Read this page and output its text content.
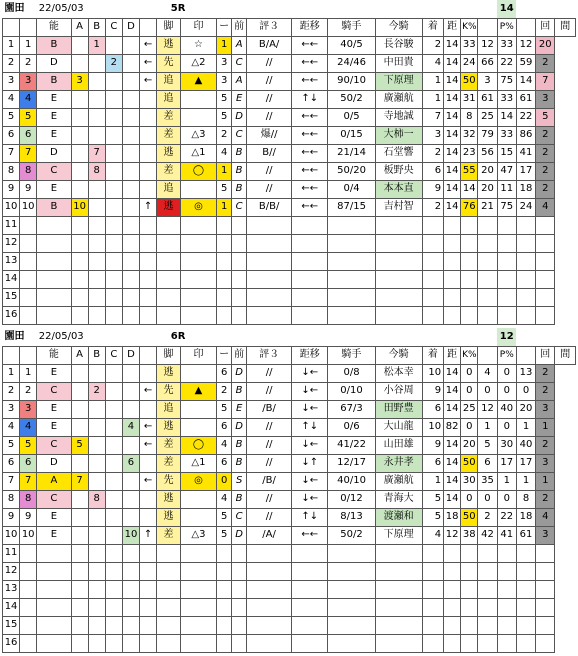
園田		22/05/03					5R													14			
		能	A	B	C	D		脚	印	ー	前	評３	距移	騎手	今騎	着	距	K%		P%		回	間
1	1	B		1			←	逃	☆	1	A	B/A/	←←	40/5	長谷駿	2	14	33	12	33	12	20	
2	2	D			2		←	先	△2	3	C	//	←←	24/46	中田貴	4	14	24	66	22	59	2	
3	3	B	3				←	追	▲	3	A	//	←←	90/10	下原理	1	14	50	3	75	14	7	
4	4	E						追		5	E	//	↑↓	50/2	廣瀬航	1	14	31	61	33	61	3	
5	5	E						差		5	D	//	←←	0/5	寺地誠	7	14	8	25	14	22	5	
6	6	E						差	△3	2	C	爆//	←←	0/15	大柿一	3	14	32	79	33	86	2	
7	7	D		7				逃	△1	4	B	B//	←←	21/14	石堂響	2	14	23	56	15	41	2	
8	8	C		8				差	◯	1	B	//	←←	50/20	板野央	6	14	55	20	47	17	2	
9	9	E						追		5	B	//	←←	0/4	本本直	9	14	14	20	11	18	2	
10	10	B	10				↑	逃	◎	1	C	B/B/	←←	87/15	吉村智	2	14	76	21	75	24	4	
11																							
12																							
13																							
14																							
15																							
16																							
園田		22/05/03					6R													12			
		能	A	B	C	D		脚	印	ー	前	評３	距移	騎手	今騎	着	距	K%		P%		回	間
1	1	E						逃		6	D	//	↓←	0/8	松本幸	10	14	0	4	0	13	2	
2	2	C		2			←	先	▲	2	B	//	↓←	0/10	小谷周	9	14	0	0	0	0	2	
3	3	E						追		5	E	/B/	↓←	67/3	田野豊	6	14	25	12	40	20	3	
4	4	E				4	←	逃		6	D	//	↑↓	0/6	大山龍	10	82	0	1	0	1	1	
5	5	C	5				←	差	◯	4	B	//	↓←	41/22	山田雄	9	14	20	5	30	40	2	
6	6	D				6		差	△1	6	B	//	↓↑	12/17	永井孝	6	14	50	6	17	17	3	
7	7	A	7				←	先	◎	0	S	/B/	↓←	40/10	廣瀬航	1	14	30	35	1	1	1	
8	8	C		8				逃		4	B	//	↓←	0/12	青海大	5	14	0	0	0	8	2	
9	9	E						逃		5	C	//	↑↓	8/13	渡瀬和	5	18	50	2	22	18	4	
10	10	E				10	↑	差	△3	5	D	/A/	←←	50/2	下原理	4	12	38	42	41	61	3	
11																							
12																							
13																							
14																							
15																							
16																							
